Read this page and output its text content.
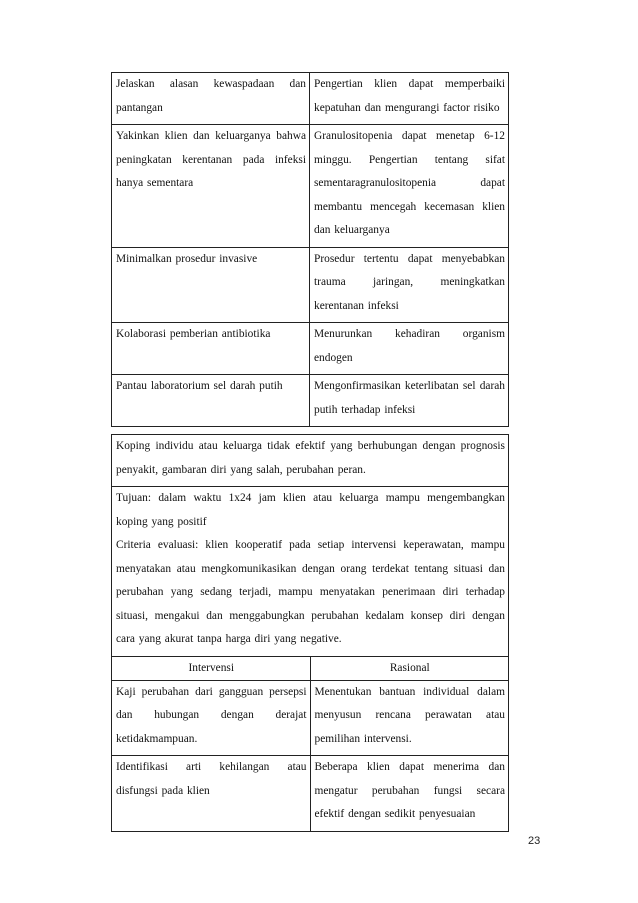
Jelaskan alasan kewaspadaan dan pantangan	Pengertian klien dapat memperbaiki kepatuhan dan mengurangi factor risiko
Yakinkan klien dan keluarganya bahwa peningkatan kerentanan pada infeksi hanya sementara	Granulositopenia dapat menetap 6-12 minggu. Pengertian tentang sifat sementaragranulositopenia dapat membantu mencegah kecemasan klien dan keluarganya
Minimalkan prosedur invasive	Prosedur tertentu dapat menyebabkan trauma jaringan, meningkatkan kerentanan infeksi
Kolaborasi pemberian antibiotika	Menurunkan kehadiran organism endogen
Pantau laboratorium sel darah putih	Mengonfirmasikan keterlibatan sel darah putih terhadap infeksi
Koping individu atau keluarga tidak efektif yang berhubungan dengan prognosis penyakit, gambaran diri yang salah, perubahan peran.	

Tujuan: dalam waktu 1x24 jam klien atau keluarga mampu mengembangkan koping yang positif
Criteria evaluasi: klien kooperatif pada setiap intervensi keperawatan, mampu menyatakan atau mengkomunikasikan dengan orang terdekat tentang situasi dan perubahan yang sedang terjadi, mampu menyatakan penerimaan diri terhadap situasi, mengakui dan menggabungkan perubahan kedalam konsep diri dengan cara yang akurat tanpa harga diri yang negative.	

Intervensi	Rasional
Kaji perubahan dari gangguan persepsi dan hubungan dengan derajat ketidakmampuan.	Menentukan bantuan individual dalam menyusun rencana perawatan atau pemilihan intervensi.
Identifikasi arti kehilangan atau disfungsi pada klien	Beberapa klien dapat menerima dan mengatur perubahan fungsi secara efektif dengan sedikit penyesuaian
23
